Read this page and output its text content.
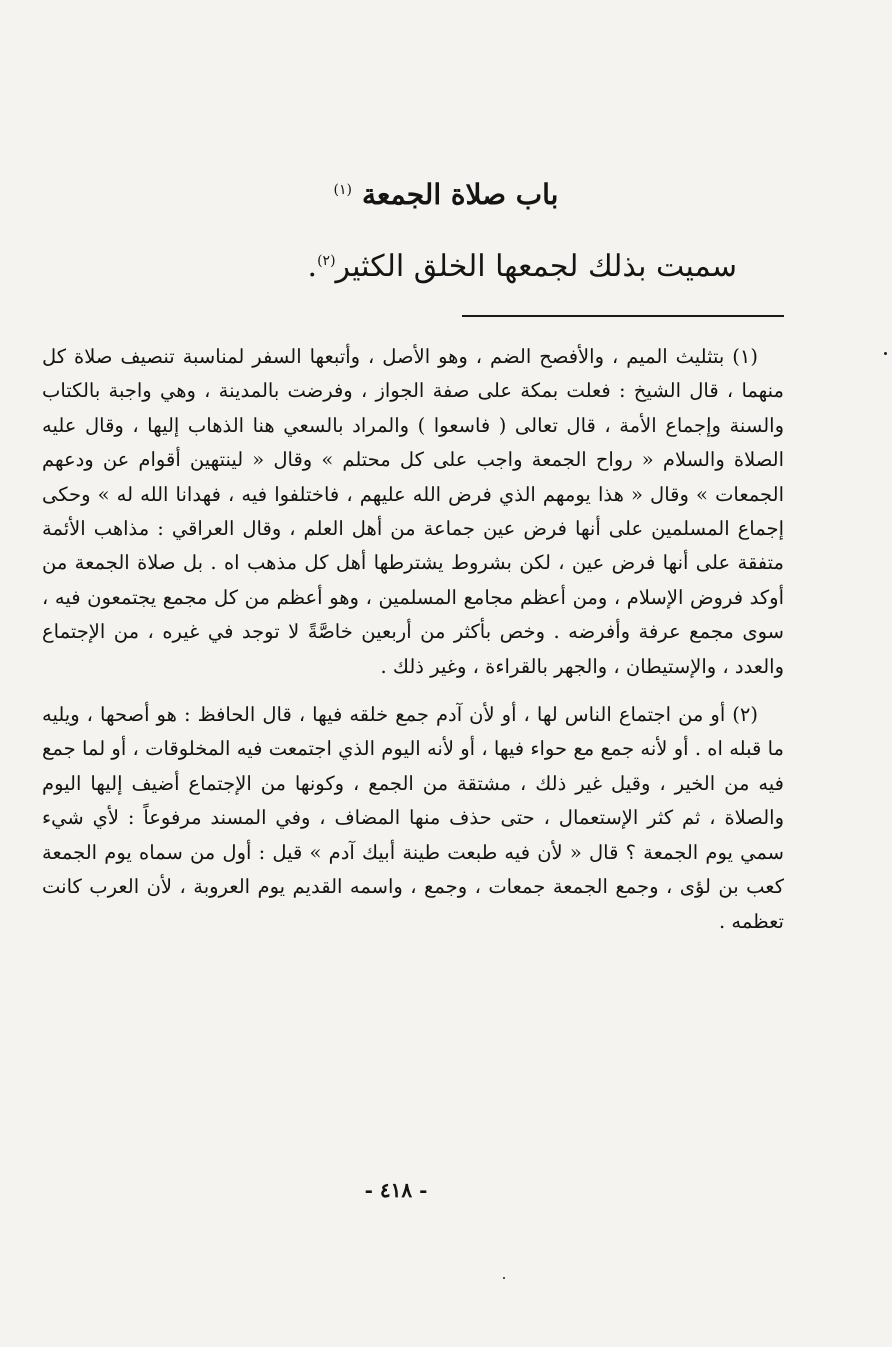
باب صلاة الجمعة$^{(١)}$
سميت بذلك لجمعها الخلق الكثير$^{(٢)}$.

(١) بتثليث الميم ، والأفصح الضم ، وهو الأصل ، وأتبعها السفر لمناسبة تنصيف صلاة كل منهما ، قال الشيخ : فعلت بمكة على صفة الجواز ، وفرضت بالمدينة ، وهي واجبة بالكتاب والسنة وإجماع الأمة ، قال تعالى ( فاسعوا ) والمراد بالسعي هنا الذهاب إليها ، وقال عليه الصلاة والسلام « رواح الجمعة واجب على كل محتلم » وقال « لينتهين أقوام عن ودعهم الجمعات » وقال « هذا يومهم الذي فرض الله عليهم ، فاختلفوا فيه ، فهدانا الله له » وحكى إجماع المسلمين على أنها فرض عين جماعة من أهل العلم ، وقال العراقي : مذاهب الأئمة متفقة على أنها فرض عين ، لكن بشروط يشترطها أهل كل مذهب اه . بل صلاة الجمعة من أوكد فروض الإسلام ، ومن أعظم مجامع المسلمين ، وهو أعظم من كل مجمع يجتمعون فيه ، سوى مجمع عرفة وأفرضه . وخص بأكثر من أربعين خاصَّةً لا توجد في غيره ، من الإجتماع والعدد ، والإستيطان ، والجهر بالقراءة ، وغير ذلك .

(٢) أو من اجتماع الناس لها ، أو لأن آدم جمع خلقه فيها ، قال الحافظ : هو أصحها ، ويليه ما قبله اه . أو لأنه جمع مع حواء فيها ، أو لأنه اليوم الذي اجتمعت فيه المخلوقات ، أو لما جمع فيه من الخير ، وقيل غير ذلك ، مشتقة من الجمع ، وكونها من الإجتماع أضيف إليها اليوم والصلاة ، ثم كثر الإستعمال ، حتى حذف منها المضاف ، وفي المسند مرفوعاً : لأي شيء سمي يوم الجمعة ؟ قال « لأن فيه طبعت طينة أبيك آدم » قيل : أول من سماه يوم الجمعة كعب بن لؤى ، وجمع الجمعة جمعات ، وجمع ، واسمه القديم يوم العروبة ، لأن العرب كانت تعظمه .

- ٤١٨ -
